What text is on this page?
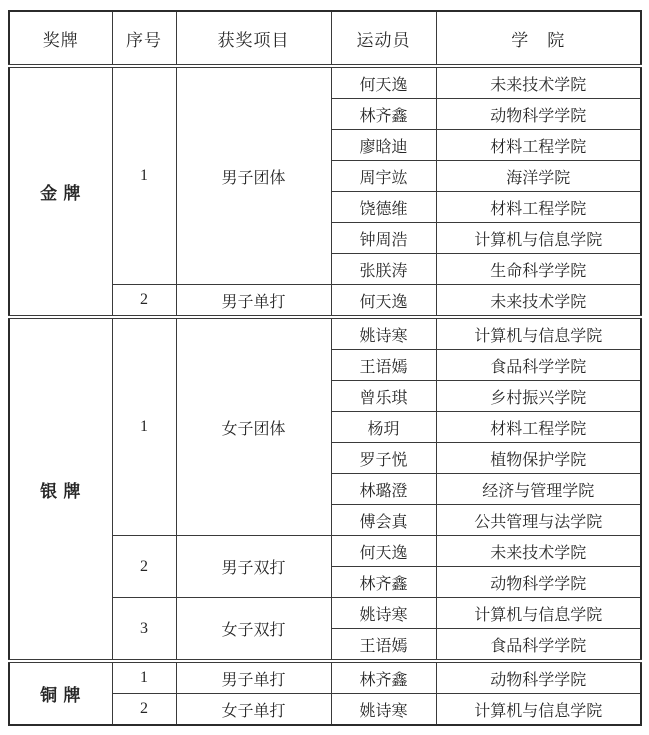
奖牌	序号	获奖项目	运动员	学　院
金 牌	1	男子团体	何天逸	未来技术学院
			林齐鑫	动物科学学院
			廖晗迪	材料工程学院
			周宇竑	海洋学院
			饶德维	材料工程学院
			钟周浩	计算机与信息学院
			张朕涛	生命科学学院
	2	男子单打	何天逸	未来技术学院
银 牌	1	女子团体	姚诗寒	计算机与信息学院
			王语嫣	食品科学学院
			曾乐琪	乡村振兴学院
			杨玥	材料工程学院
			罗子悦	植物保护学院
			林璐澄	经济与管理学院
			傅会真	公共管理与法学院
	2	男子双打	何天逸	未来技术学院
			林齐鑫	动物科学学院
	3	女子双打	姚诗寒	计算机与信息学院
			王语嫣	食品科学学院
铜 牌	1	男子单打	林齐鑫	动物科学学院
	2	女子单打	姚诗寒	计算机与信息学院
